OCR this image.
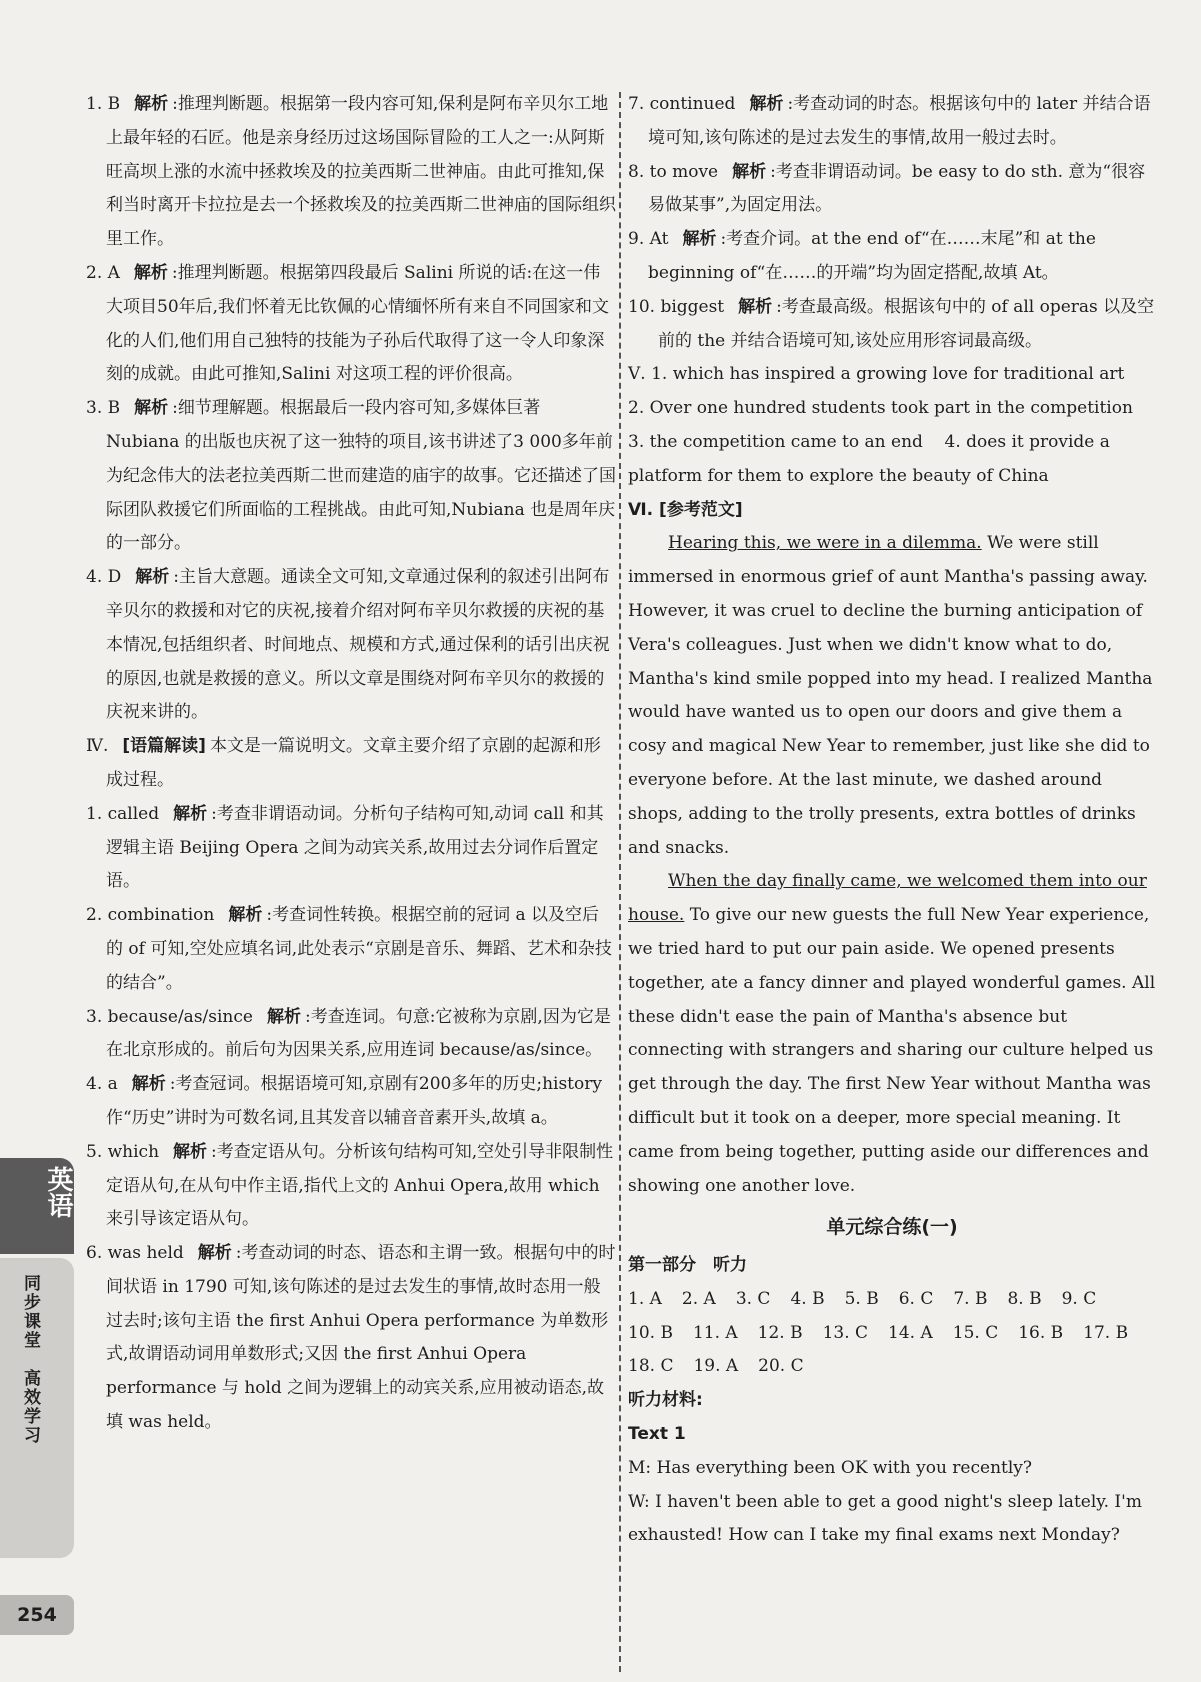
1. B 解析 :推理判断题。根据第一段内容可知,保利是阿布辛贝尔工地上最年轻的石匠。他是亲身经历过这场国际冒险的工人之一:从阿斯旺高坝上涨的水流中拯救埃及的拉美西斯二世神庙。由此可推知,保利当时离开卡拉拉是去一个拯救埃及的拉美西斯二世神庙的国际组织里工作。

2. A 解析 :推理判断题。根据第四段最后 Salini 所说的话:在这一伟大项目50年后,我们怀着无比钦佩的心情缅怀所有来自不同国家和文化的人们,他们用自己独特的技能为子孙后代取得了这一令人印象深刻的成就。由此可推知,Salini 对这项工程的评价很高。

3. B 解析 :细节理解题。根据最后一段内容可知,多媒体巨著 Nubiana 的出版也庆祝了这一独特的项目,该书讲述了3 000多年前为纪念伟大的法老拉美西斯二世而建造的庙宇的故事。它还描述了国际团队救援它们所面临的工程挑战。由此可知,Nubiana 也是周年庆的一部分。

4. D 解析 :主旨大意题。通读全文可知,文章通过保利的叙述引出阿布辛贝尔的救援和对它的庆祝,接着介绍对阿布辛贝尔救援的庆祝的基本情况,包括组织者、时间地点、规模和方式,通过保利的话引出庆祝的原因,也就是救援的意义。所以文章是围绕对阿布辛贝尔的救援的庆祝来讲的。

Ⅳ. [语篇解读] 本文是一篇说明文。文章主要介绍了京剧的起源和形成过程。

1. called 解析 :考查非谓语动词。分析句子结构可知,动词 call 和其逻辑主语 Beijing Opera 之间为动宾关系,故用过去分词作后置定语。

2. combination 解析 :考查词性转换。根据空前的冠词 a 以及空后的 of 可知,空处应填名词,此处表示“京剧是音乐、舞蹈、艺术和杂技的结合”。

3. because/as/since 解析 :考查连词。句意:它被称为京剧,因为它是在北京形成的。前后句为因果关系,应用连词 because/as/since。

4. a 解析 :考查冠词。根据语境可知,京剧有200多年的历史;history 作“历史”讲时为可数名词,且其发音以辅音音素开头,故填 a。

5. which 解析 :考查定语从句。分析该句结构可知,空处引导非限制性定语从句,在从句中作主语,指代上文的 Anhui Opera,故用 which 来引导该定语从句。

6. was held 解析 :考查动词的时态、语态和主谓一致。根据句中的时间状语 in 1790 可知,该句陈述的是过去发生的事情,故时态用一般过去时;该句主语 the first Anhui Opera performance 为单数形式,故谓语动词用单数形式;又因 the first Anhui Opera performance 与 hold 之间为逻辑上的动宾关系,应用被动语态,故填 was held。

7. continued 解析 :考查动词的时态。根据该句中的 later 并结合语境可知,该句陈述的是过去发生的事情,故用一般过去时。

8. to move 解析 :考查非谓语动词。be easy to do sth. 意为“很容易做某事”,为固定用法。

9. At 解析 :考查介词。at the end of“在……末尾”和 at the beginning of“在……的开端”均为固定搭配,故填 At。

10. biggest 解析 :考查最高级。根据该句中的 of all operas 以及空前的 the 并结合语境可知,该处应用形容词最高级。

Ⅴ. 1. which has inspired a growing love for traditional art

2. Over one hundred students took part in the competition

3. the competition came to an end 4. does it provide a platform for them to explore the beauty of China

Ⅵ. [参考范文]

Hearing this, we were in a dilemma. We were still immersed in enormous grief of aunt Mantha's passing away. However, it was cruel to decline the burning anticipation of Vera's colleagues. Just when we didn't know what to do, Mantha's kind smile popped into my head. I realized Mantha would have wanted us to open our doors and give them a cosy and magical New Year to remember, just like she did to everyone before. At the last minute, we dashed around shops, adding to the trolly presents, extra bottles of drinks and snacks.

When the day finally came, we welcomed them into our house. To give our new guests the full New Year experience, we tried hard to put our pain aside. We opened presents together, ate a fancy dinner and played wonderful games. All these didn't ease the pain of Mantha's absence but connecting with strangers and sharing our culture helped us get through the day. The first New Year without Mantha was difficult but it took on a deeper, more special meaning. It came from being together, putting aside our differences and showing one another love.

单元综合练(一)

第一部分　听力

1. A 2. A 3. C 4. B 5. B 6. C 7. B 8. B 9. C

10. B 11. A 12. B 13. C 14. A 15. C 16. B 17. B

18. C 19. A 20. C

听力材料:

Text 1

M: Has everything been OK with you recently?

W: I haven't been able to get a good night's sleep lately. I'm exhausted! How can I take my final exams next Monday?

英语
同步课堂　高效学习
254
